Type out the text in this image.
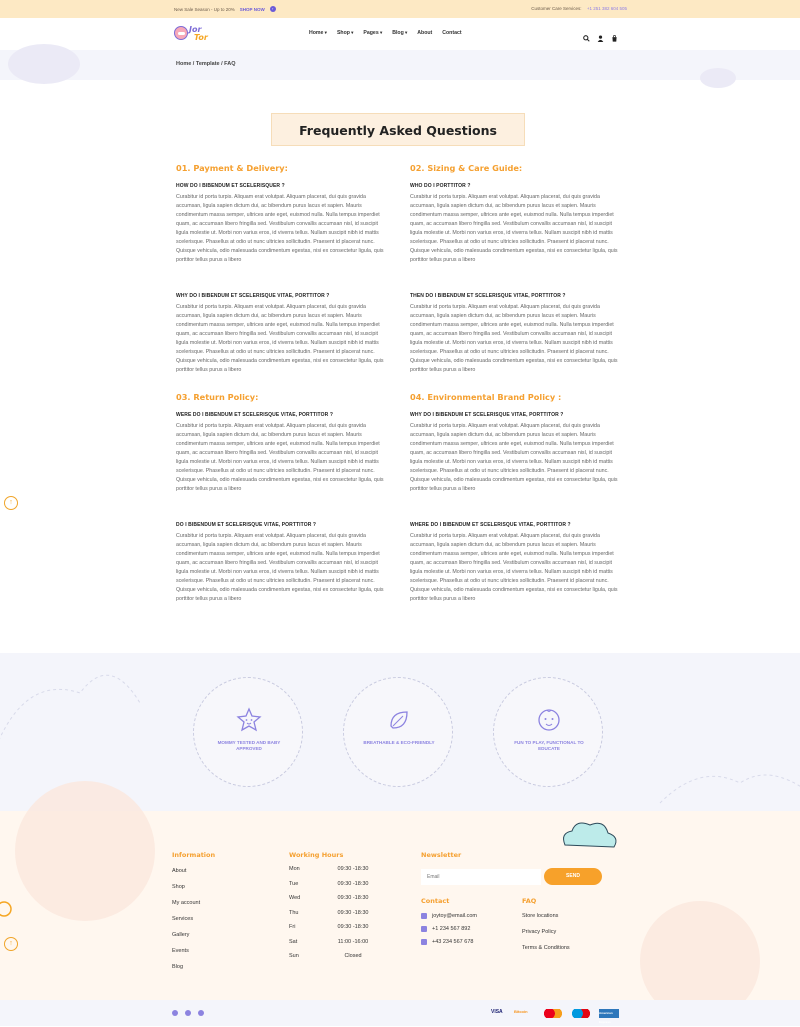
New Sale Season - Up to 20% SHOP NOW	›	Customer Care Services: +1 251 382 604 505
Jor
Tor	Home ▾	Shop ▾	Pages ▾	Blog ▾	About Contact
Home / Template / FAQ
Frequently Asked Questions
01. Payment & Delivery:
HOW DO I BIBENDUM ET SCELERISQUER ?
Curabitur id porta turpis. Aliquam erat volutpat. Aliquam placerat, dui quis gravida accumsan, ligula sapien dictum dui, ac bibendum purus lacus et sapien. Mauris condimentum massa semper, ultrices ante eget, euismod nulla. Nulla tempus imperdiet quam, ac accumsan libero fringilla sed. Vestibulum convallis accumsan nisl, id suscipit ligula molestie ut. Morbi non varius eros, id viverra tellus. Nullam suscipit nibh id mattis scelerisque. Phasellus at odio ut nunc ultricies sollicitudin. Praesent id placerat nunc. Quisque vehicula, odio malesuada condimentum egestas, nisi ex consectetur ligula, quis porttitor tellus purus a libero
WHY DO I BIBENDUM ET SCELERISQUE VITAE, PORTTITOR ?
Curabitur id porta turpis. Aliquam erat volutpat. Aliquam placerat, dui quis gravida accumsan, ligula sapien dictum dui, ac bibendum purus lacus et sapien. Mauris condimentum massa semper, ultrices ante eget, euismod nulla. Nulla tempus imperdiet quam, ac accumsan libero fringilla sed. Vestibulum convallis accumsan nisl, id suscipit ligula molestie ut. Morbi non varius eros, id viverra tellus. Nullam suscipit nibh id mattis scelerisque. Phasellus at odio ut nunc ultricies sollicitudin. Praesent id placerat nunc. Quisque vehicula, odio malesuada condimentum egestas, nisi ex consectetur ligula, quis porttitor tellus purus a libero
03. Return Policy:
WERE DO I BIBENDUM ET SCELERISQUE VITAE, PORTTITOR ?
Curabitur id porta turpis. Aliquam erat volutpat. Aliquam placerat, dui quis gravida accumsan, ligula sapien dictum dui, ac bibendum purus lacus et sapien. Mauris condimentum massa semper, ultrices ante eget, euismod nulla. Nulla tempus imperdiet quam, ac accumsan libero fringilla sed. Vestibulum convallis accumsan nisl, id suscipit ligula molestie ut. Morbi non varius eros, id viverra tellus. Nullam suscipit nibh id mattis scelerisque. Phasellus at odio ut nunc ultricies sollicitudin. Praesent id placerat nunc. Quisque vehicula, odio malesuada condimentum egestas, nisi ex consectetur ligula, quis porttitor tellus purus a libero
DO I BIBENDUM ET SCELERISQUE VITAE, PORTTITOR ?
Curabitur id porta turpis. Aliquam erat volutpat. Aliquam placerat, dui quis gravida accumsan, ligula sapien dictum dui, ac bibendum purus lacus et sapien. Mauris condimentum massa semper, ultrices ante eget, euismod nulla. Nulla tempus imperdiet quam, ac accumsan libero fringilla sed. Vestibulum convallis accumsan nisl, id suscipit ligula molestie ut. Morbi non varius eros, id viverra tellus. Nullam suscipit nibh id mattis scelerisque. Phasellus at odio ut nunc ultricies sollicitudin. Praesent id placerat nunc. Quisque vehicula, odio malesuada condimentum egestas, nisi ex consectetur ligula, quis porttitor tellus purus a libero
02. Sizing & Care Guide:
WHO DO I PORTTITOR ?
Curabitur id porta turpis. Aliquam erat volutpat. Aliquam placerat, dui quis gravida accumsan, ligula sapien dictum dui, ac bibendum purus lacus et sapien. Mauris condimentum massa semper, ultrices ante eget, euismod nulla. Nulla tempus imperdiet quam, ac accumsan libero fringilla sed. Vestibulum convallis accumsan nisl, id suscipit ligula molestie ut. Morbi non varius eros, id viverra tellus. Nullam suscipit nibh id mattis scelerisque. Phasellus at odio ut nunc ultricies sollicitudin. Praesent id placerat nunc. Quisque vehicula, odio malesuada condimentum egestas, nisi ex consectetur ligula, quis porttitor tellus purus a libero
THEN DO I BIBENDUM ET SCELERISQUE VITAE, PORTTITOR ?
Curabitur id porta turpis. Aliquam erat volutpat. Aliquam placerat, dui quis gravida accumsan, ligula sapien dictum dui, ac bibendum purus lacus et sapien. Mauris condimentum massa semper, ultrices ante eget, euismod nulla. Nulla tempus imperdiet quam, ac accumsan libero fringilla sed. Vestibulum convallis accumsan nisl, id suscipit ligula molestie ut. Morbi non varius eros, id viverra tellus. Nullam suscipit nibh id mattis scelerisque. Phasellus at odio ut nunc ultricies sollicitudin. Praesent id placerat nunc. Quisque vehicula, odio malesuada condimentum egestas, nisi ex consectetur ligula, quis porttitor tellus purus a libero
04. Environmental Brand Policy :
WHY DO I BIBENDUM ET SCELERISQUE VITAE, PORTTITOR ?
Curabitur id porta turpis. Aliquam erat volutpat. Aliquam placerat, dui quis gravida accumsan, ligula sapien dictum dui, ac bibendum purus lacus et sapien. Mauris condimentum massa semper, ultrices ante eget, euismod nulla. Nulla tempus imperdiet quam, ac accumsan libero fringilla sed. Vestibulum convallis accumsan nisl, id suscipit ligula molestie ut. Morbi non varius eros, id viverra tellus. Nullam suscipit nibh id mattis scelerisque. Phasellus at odio ut nunc ultricies sollicitudin. Praesent id placerat nunc. Quisque vehicula, odio malesuada condimentum egestas, nisi ex consectetur ligula, quis porttitor tellus purus a libero
WHERE DO I BIBENDUM ET SCELERISQUE VITAE, PORTTITOR ?
Curabitur id porta turpis. Aliquam erat volutpat. Aliquam placerat, dui quis gravida accumsan, ligula sapien dictum dui, ac bibendum purus lacus et sapien. Mauris condimentum massa semper, ultrices ante eget, euismod nulla. Nulla tempus imperdiet quam, ac accumsan libero fringilla sed. Vestibulum convallis accumsan nisl, id suscipit ligula molestie ut. Morbi non varius eros, id viverra tellus. Nullam suscipit nibh id mattis scelerisque. Phasellus at odio ut nunc ultricies sollicitudin. Praesent id placerat nunc. Quisque vehicula, odio malesuada condimentum egestas, nisi ex consectetur ligula, quis porttitor tellus purus a libero
↑
MOMMY TESTED AND BABY APPROVED
BREATHABLE & ECO-FRIENDLY	FUN TO PLAY, FUNCTIONAL TO EDUCATE
Information
About
Shop
My account
Services
Gallery
Events
Blog
Working Hours
Mon	09:30 -18:30
Tue	09:30 -18:30
Wed	09:30 -18:30
Thu	09:30 -18:30
Fri	09:30 -18:30
Sat	11:00 -16:00
Sun	Closed
Newsletter
Email
SEND
Contact
joytoy@email.com
+1 234 567 892
+43 234 567 678
FAQ
Store locations
Privacy Policy
Terms & Conditions
↑
VISA	Bitcoin	American Express
